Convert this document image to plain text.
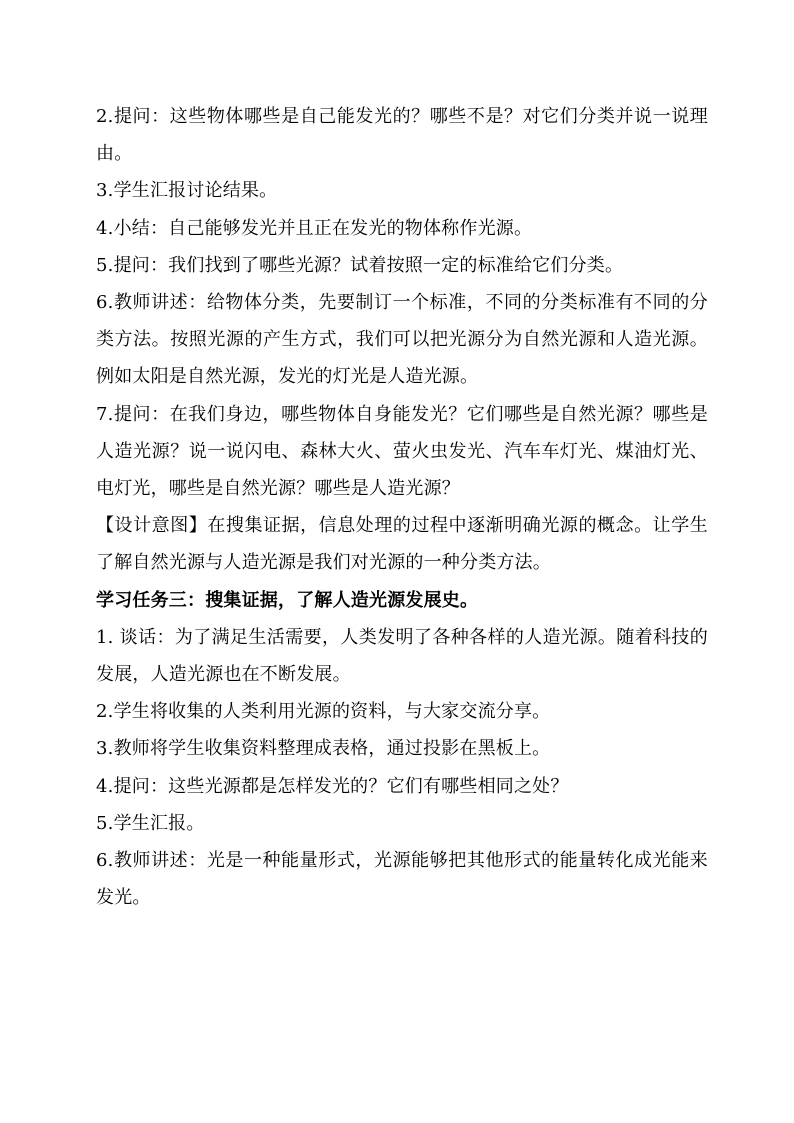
2.提问：这些物体哪些是自己能发光的？哪些不是？对它们分类并说一说理由。

3.学生汇报讨论结果。

4.小结：自己能够发光并且正在发光的物体称作光源。

5.提问：我们找到了哪些光源？试着按照一定的标准给它们分类。

6.教师讲述：给物体分类，先要制订一个标准，不同的分类标准有不同的分类方法。按照光源的产生方式，我们可以把光源分为自然光源和人造光源。例如太阳是自然光源，发光的灯光是人造光源。

7.提问：在我们身边，哪些物体自身能发光？它们哪些是自然光源？哪些是人造光源？说一说闪电、森林大火、萤火虫发光、汽车车灯光、煤油灯光、电灯光，哪些是自然光源？哪些是人造光源？

【设计意图】在搜集证据，信息处理的过程中逐渐明确光源的概念。让学生了解自然光源与人造光源是我们对光源的一种分类方法。

学习任务三：搜集证据，了解人造光源发展史。

1. 谈话：为了满足生活需要，人类发明了各种各样的人造光源。随着科技的发展，人造光源也在不断发展。

2.学生将收集的人类利用光源的资料，与大家交流分享。

3.教师将学生收集资料整理成表格，通过投影在黑板上。

4.提问：这些光源都是怎样发光的？它们有哪些相同之处？

5.学生汇报。

6.教师讲述：光是一种能量形式，光源能够把其他形式的能量转化成光能来发光。
